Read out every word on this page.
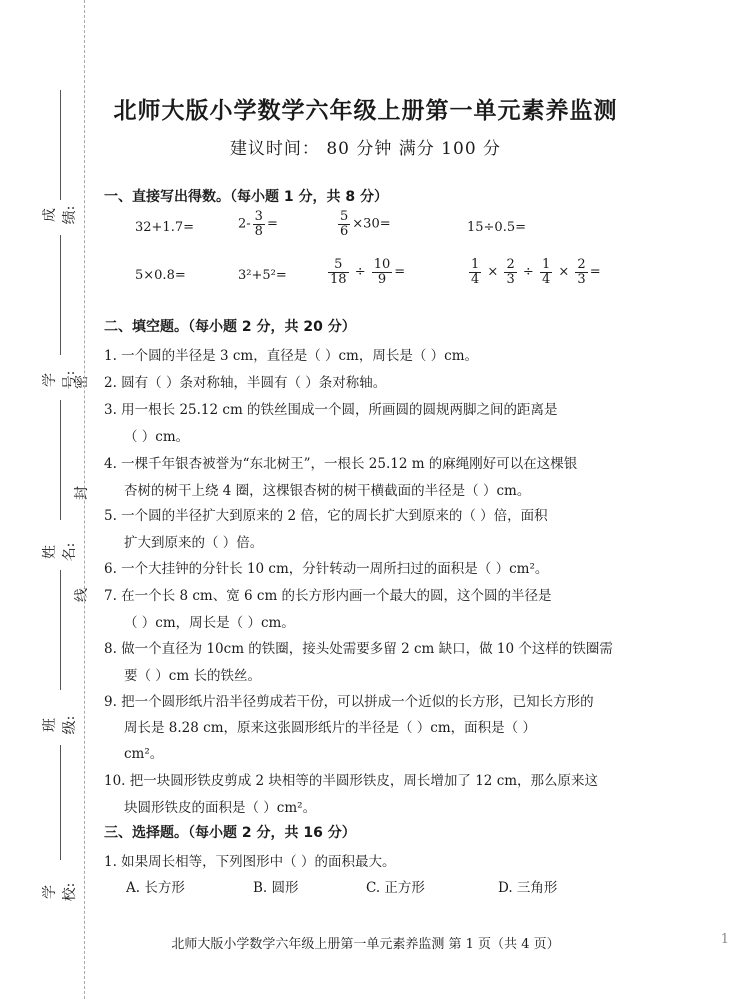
成绩:
学号:
姓名:
班级:
学校:
密
封
线
北师大版小学数学六年级上册第一单元素养监测
建议时间： 80 分钟 满分 100 分
一、直接写出得数。（每小题 1 分，共 8 分）
32+1.7=	$2- \frac{3}{8}$ =	$\frac{5}{6} \times 30=$	15÷0.5=
5×0.8=	3²+5²=	$\frac{5}{18} \div \frac{10}{9}$ =	$\frac{1}{4} \times \frac{2}{3} \div \frac{1}{4} \times \frac{2}{3}$ =
二、填空题。（每小题 2 分，共 20 分）
1. 一个圆的半径是 3 cm，直径是（ ）cm，周长是（ ）cm。
2. 圆有（ ）条对称轴，半圆有（ ）条对称轴。
3. 用一根长 25.12 cm 的铁丝围成一个圆，所画圆的圆规两脚之间的距离是
（ ）cm。
4. 一棵千年银杏被誉为“东北树王”，一根长 25.12 m 的麻绳刚好可以在这棵银
杏树的树干上绕 4 圈，这棵银杏树的树干横截面的半径是（ ）cm。
5. 一个圆的半径扩大到原来的 2 倍，它的周长扩大到原来的（ ）倍，面积
扩大到原来的（ ）倍。
6. 一个大挂钟的分针长 10 cm，分针转动一周所扫过的面积是（ ）cm²。
7. 在一个长 8 cm、宽 6 cm 的长方形内画一个最大的圆，这个圆的半径是
（ ）cm，周长是（ ）cm。
8. 做一个直径为 10cm 的铁圈，接头处需要多留 2 cm 缺口，做 10 个这样的铁圈需
要（ ）cm 长的铁丝。
9. 把一个圆形纸片沿半径剪成若干份，可以拼成一个近似的长方形，已知长方形的
周长是 8.28 cm，原来这张圆形纸片的半径是（ ）cm，面积是（ ）
cm²。
10. 把一块圆形铁皮剪成 2 块相等的半圆形铁皮，周长增加了 12 cm，那么原来这
块圆形铁皮的面积是（ ）cm²。
三、选择题。（每小题 2 分，共 16 分）
1. 如果周长相等，下列图形中（ ）的面积最大。
A. 长方形	B. 圆形	C. 正方形	D. 三角形
北师大版小学数学六年级上册第一单元素养监测 第 1 页（共 4 页）	1
